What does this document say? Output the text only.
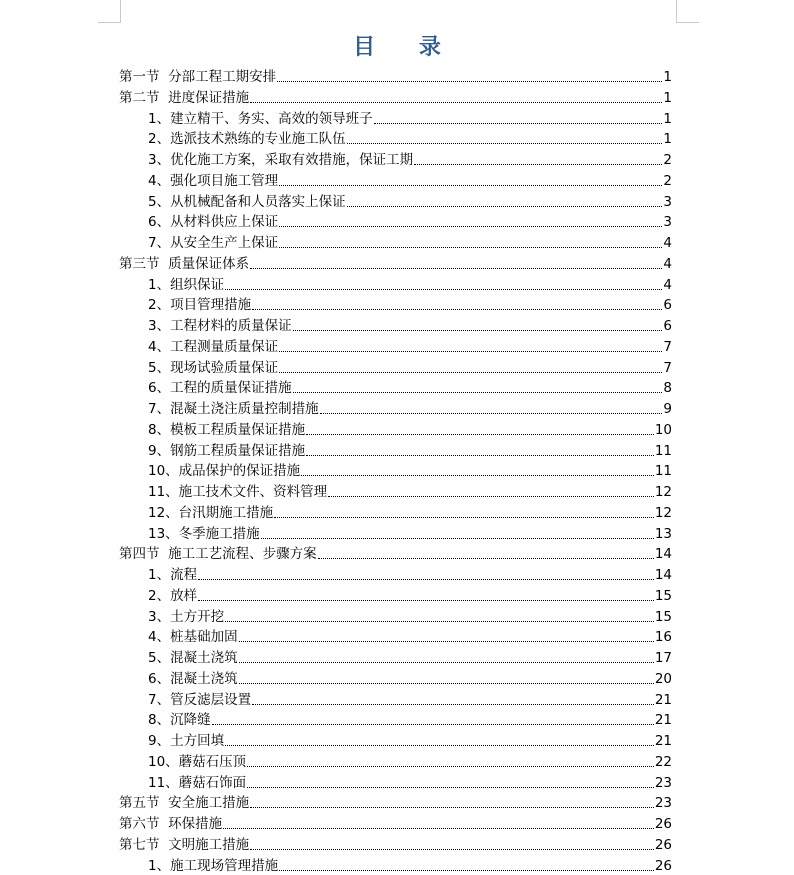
目 录
第一节  分部工程工期安排	1
第二节  进度保证措施	1
1、建立精干、务实、高效的领导班子	1
2、选派技术熟练的专业施工队伍	1
3、优化施工方案，采取有效措施，保证工期	2
4、强化项目施工管理	2
5、从机械配备和人员落实上保证	3
6、从材料供应上保证	3
7、从安全生产上保证	4
第三节  质量保证体系	4
1、组织保证	4
2、项目管理措施	6
3、工程材料的质量保证	6
4、工程测量质量保证	7
5、现场试验质量保证	7
6、工程的质量保证措施	8
7、混凝土浇注质量控制措施	9
8、模板工程质量保证措施	10
9、钢筋工程质量保证措施	11
10、成品保护的保证措施	11
11、施工技术文件、资料管理	12
12、台汛期施工措施	12
13、冬季施工措施	13
第四节  施工工艺流程、步骤方案	14
1、流程	14
2、放样	15
3、土方开挖	15
4、桩基础加固	16
5、混凝土浇筑	17
6、混凝土浇筑	20
7、管反滤层设置	21
8、沉降缝	21
9、土方回填	21
10、蘑菇石压顶	22
11、蘑菇石饰面	23
第五节  安全施工措施	23
第六节  环保措施	26
第七节  文明施工措施	26
1、施工现场管理措施	26
